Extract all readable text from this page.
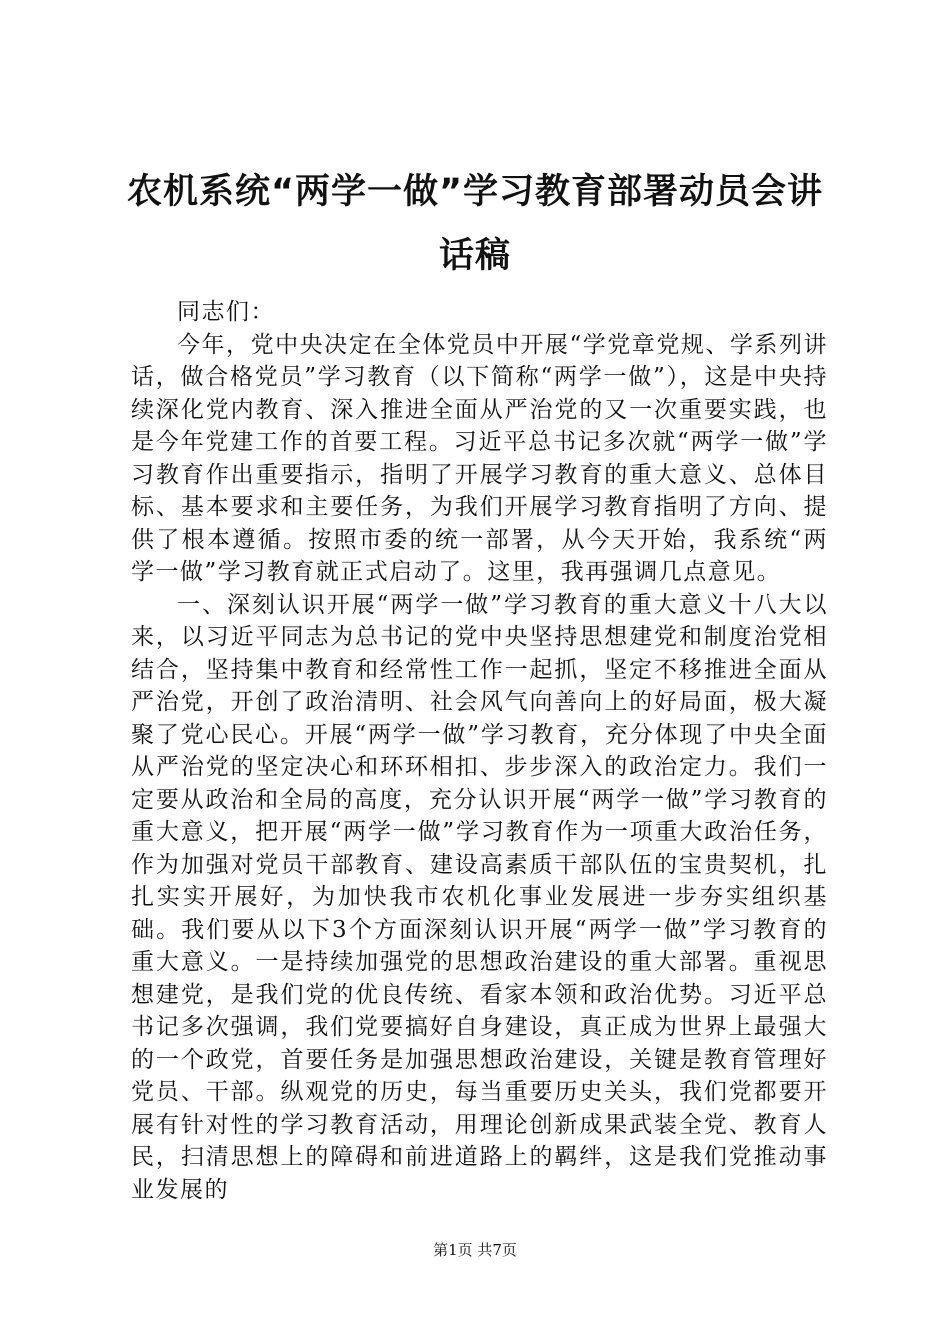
农机系统“两学一做”学习教育部署动员会讲话稿

同志们：

今年，党中央决定在全体党员中开展“学党章党规、学系列讲话，做合格党员”学习教育（以下简称“两学一做”），这是中央持续深化党内教育、深入推进全面从严治党的又一次重要实践，也是今年党建工作的首要工程。习近平总书记多次就“两学一做”学习教育作出重要指示，指明了开展学习教育的重大意义、总体目标、基本要求和主要任务，为我们开展学习教育指明了方向、提供了根本遵循。按照市委的统一部署，从今天开始，我系统“两学一做”学习教育就正式启动了。这里，我再强调几点意见。

一、深刻认识开展“两学一做”学习教育的重大意义十八大以来，以习近平同志为总书记的党中央坚持思想建党和制度治党相结合，坚持集中教育和经常性工作一起抓，坚定不移推进全面从严治党，开创了政治清明、社会风气向善向上的好局面，极大凝聚了党心民心。开展“两学一做”学习教育，充分体现了中央全面从严治党的坚定决心和环环相扣、步步深入的政治定力。我们一定要从政治和全局的高度，充分认识开展“两学一做”学习教育的重大意义，把开展“两学一做”学习教育作为一项重大政治任务，作为加强对党员干部教育、建设高素质干部队伍的宝贵契机，扎扎实实开展好，为加快我市农机化事业发展进一步夯实组织基础。我们要从以下3个方面深刻认识开展“两学一做”学习教育的重大意义。一是持续加强党的思想政治建设的重大部署。重视思想建党，是我们党的优良传统、看家本领和政治优势。习近平总书记多次强调，我们党要搞好自身建设，真正成为世界上最强大的一个政党，首要任务是加强思想政治建设，关键是教育管理好党员、干部。纵观党的历史，每当重要历史关头，我们党都要开展有针对性的学习教育活动，用理论创新成果武装全党、教育人民，扫清思想上的障碍和前进道路上的羁绊，这是我们党推动事业发展的

第1页 共7页
